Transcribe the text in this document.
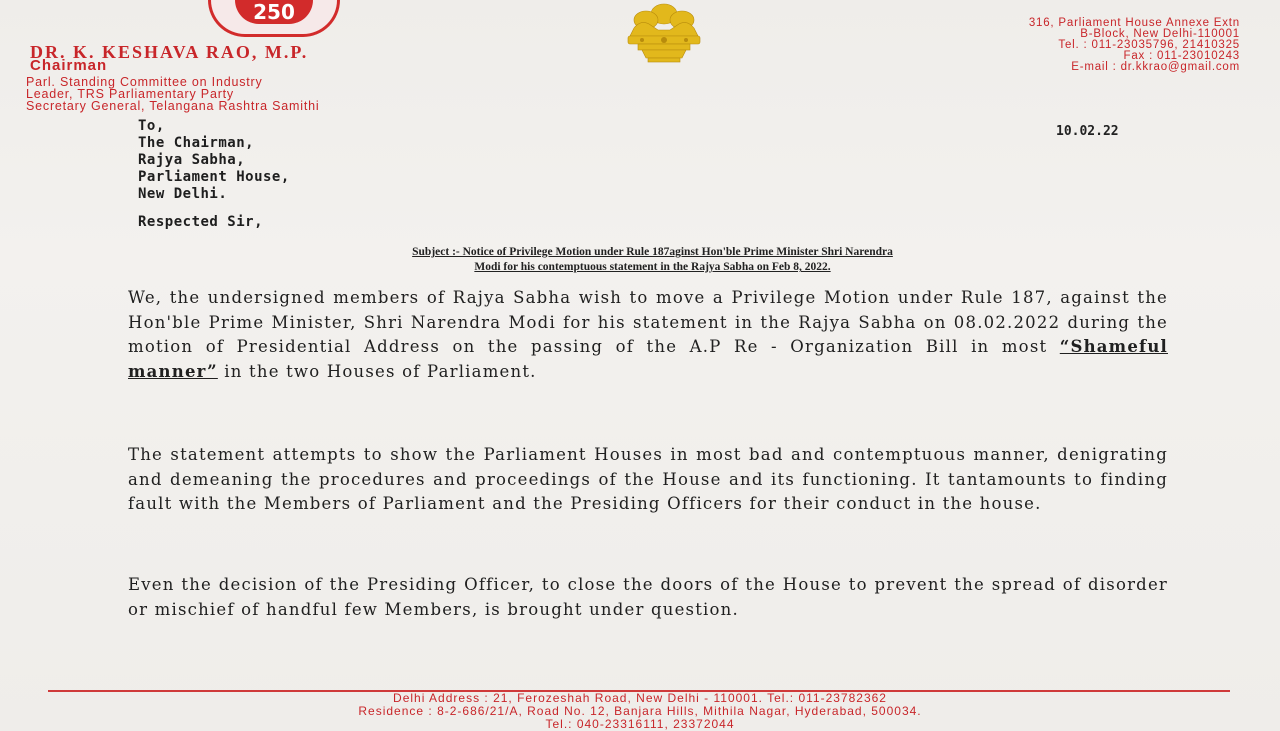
250
DR. K. KESHAVA RAO, M.P.
Chairman
Parl. Standing Committee on Industry
Leader, TRS Parliamentary Party
Secretary General, Telangana Rashtra Samithi
316, Parliament House Annexe Extn
B-Block, New Delhi-110001
Tel. : 011-23035796, 21410325
Fax : 011-23010243
E-mail : dr.kkrao@gmail.com
10.02.22
To,
The Chairman,
Rajya Sabha,
Parliament House,
New Delhi.
Respected Sir,
Subject :- Notice of Privilege Motion under Rule 187aginst Hon'ble Prime Minister Shri Narendra
Modi for his contemptuous statement in the Rajya Sabha on Feb 8, 2022.
We, the undersigned members of Rajya Sabha wish to move a Privilege Motion under Rule 187, against the Hon'ble Prime Minister, Shri Narendra Modi for his statement in the Rajya Sabha on 08.02.2022 during the motion of Presidential Address on the passing of the A.P Re - Organization Bill in most “Shameful manner” in the two Houses of Parliament.
The statement attempts to show the Parliament Houses in most bad and contemptuous manner, denigrating and demeaning the procedures and proceedings of the House and its functioning. It tantamounts to finding fault with the Members of Parliament and the Presiding Officers for their conduct in the house.
Even the decision of the Presiding Officer, to close the doors of the House to prevent the spread of disorder or mischief of handful few Members, is brought under question.
Delhi Address : 21, Ferozeshah Road, New Delhi - 110001. Tel.: 011-23782362
Residence : 8-2-686/21/A, Road No. 12, Banjara Hills, Mithila Nagar, Hyderabad, 500034.
Tel.: 040-23316111, 23372044
